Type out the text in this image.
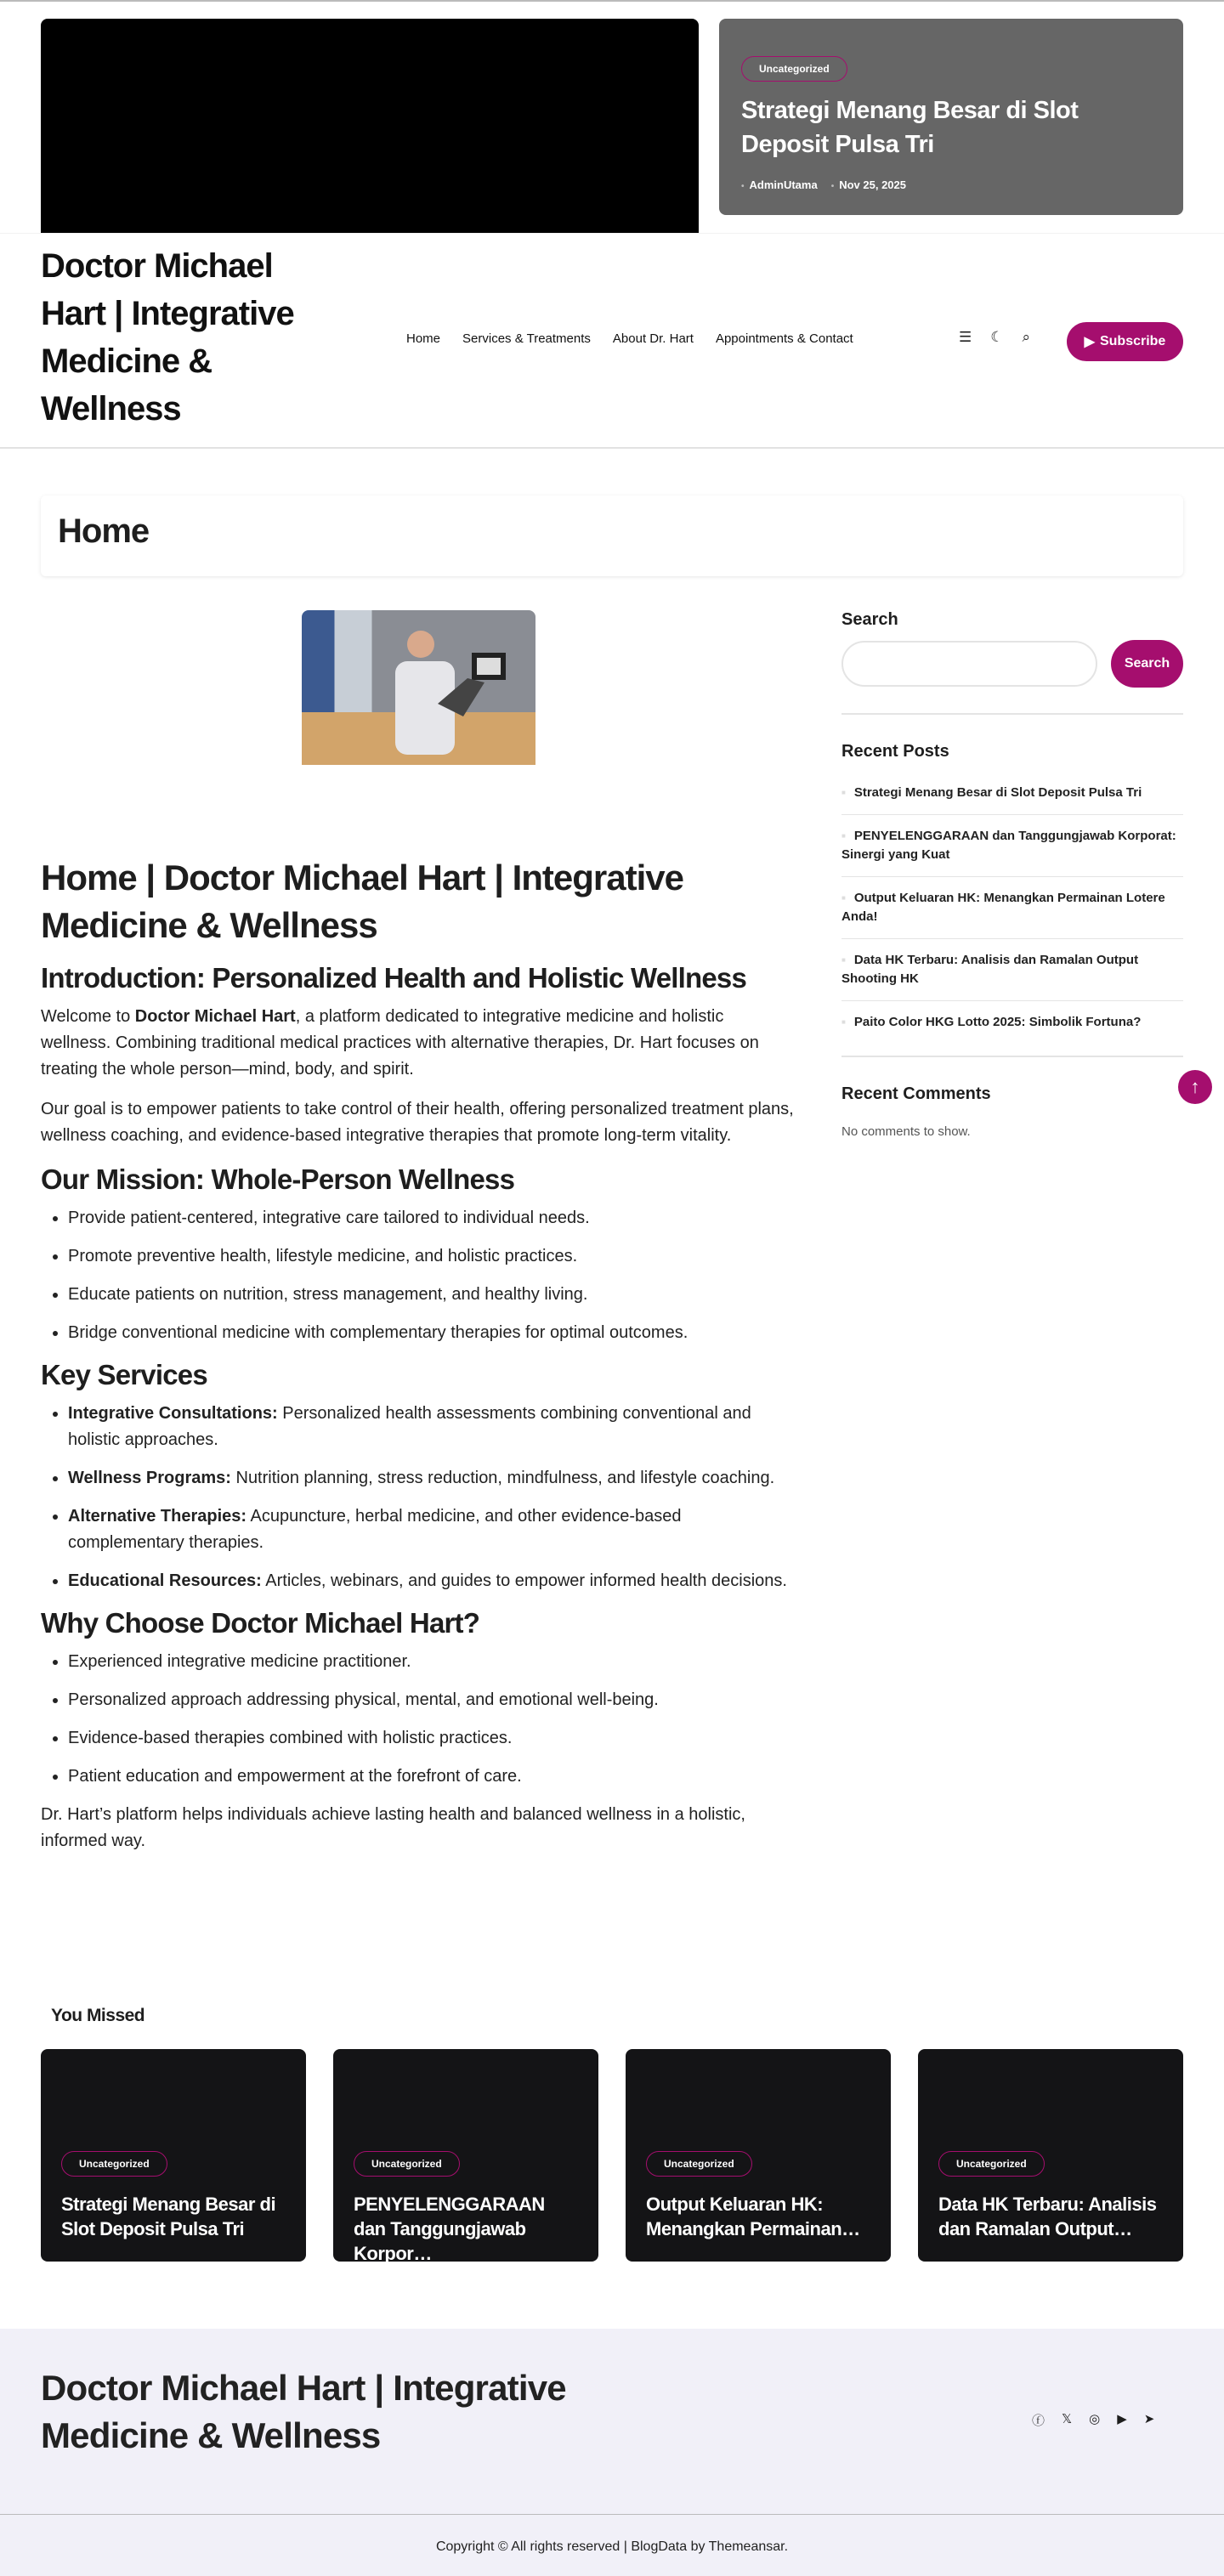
Uncategorized
Strategi Menang Besar di Slot Deposit Pulsa Tri
• AdminUtama	• Nov 25, 2025
Doctor Michael Hart | Integrative Medicine & Wellness
Home Services & Treatments About Dr. Hart Appointments & Contact	☰ ☾ ⌕	▶ Subscribe
Home
Home | Doctor Michael Hart | Integrative Medicine & Wellness
Introduction: Personalized Health and Holistic Wellness

Welcome to Doctor Michael Hart, a platform dedicated to integrative medicine and holistic wellness. Combining traditional medical practices with alternative therapies, Dr. Hart focuses on treating the whole person—mind, body, and spirit.

Our goal is to empower patients to take control of their health, offering personalized treatment plans, wellness coaching, and evidence-based integrative therapies that promote long-term vitality.

Our Mission: Whole-Person Wellness
• Provide patient-centered, integrative care tailored to individual needs.
• Promote preventive health, lifestyle medicine, and holistic practices.
• Educate patients on nutrition, stress management, and healthy living.
• Bridge conventional medicine with complementary therapies for optimal outcomes.
Key Services
• Integrative Consultations: Personalized health assessments combining conventional and holistic approaches.
• Wellness Programs: Nutrition planning, stress reduction, mindfulness, and lifestyle coaching.
• Alternative Therapies: Acupuncture, herbal medicine, and other evidence-based complementary therapies.
• Educational Resources: Articles, webinars, and guides to empower informed health decisions.
Why Choose Doctor Michael Hart?
• Experienced integrative medicine practitioner.
• Personalized approach addressing physical, mental, and emotional well-being.
• Evidence-based therapies combined with holistic practices.
• Patient education and empowerment at the forefront of care.

Dr. Hart’s platform helps individuals achieve lasting health and balanced wellness in a holistic, informed way.

Search
Search
Recent Posts
■ Strategi Menang Besar di Slot Deposit Pulsa Tri
■ PENYELENGGARAAN dan Tanggungjawab Korporat: Sinergi yang Kuat
■ Output Keluaran HK: Menangkan Permainan Lotere Anda!
■ Data HK Terbaru: Analisis dan Ramalan Output Shooting HK
■ Paito Color HKG Lotto 2025: Simbolik Fortuna?
Recent Comments
No comments to show.
↑
You Missed
Uncategorized
Strategi Menang Besar di Slot Deposit Pulsa Tri
Uncategorized
PENYELENGGARAAN dan Tanggungjawab Korpor…
Uncategorized
Output Keluaran HK: Menangkan Permainan…
Uncategorized
Data HK Terbaru: Analisis dan Ramalan Output…
Doctor Michael Hart | Integrative Medicine & Wellness	ⓕ 𝕏 ◎ ▶ ➤
Copyright © All rights reserved | BlogData by Themeansar.
